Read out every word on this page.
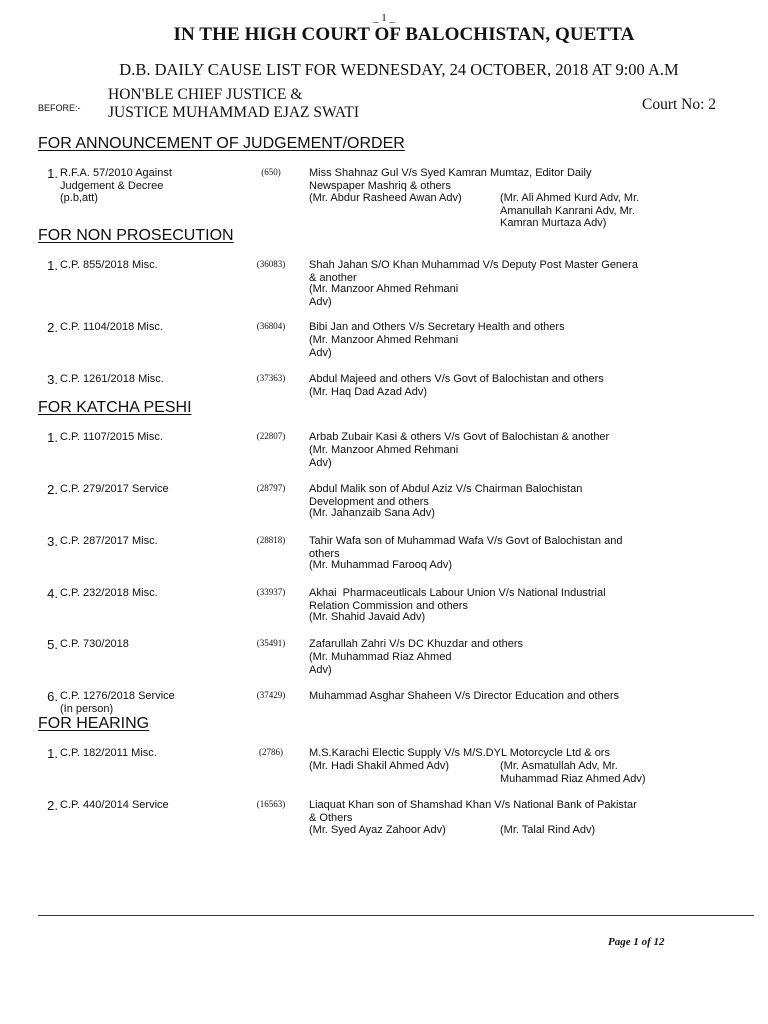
_ 1 _
IN THE HIGH COURT OF BALOCHISTAN, QUETTA
D.B. DAILY CAUSE LIST FOR WEDNESDAY, 24 OCTOBER, 2018 AT 9:00 A.M
BEFORE:-
HON'BLE CHIEF JUSTICE &
JUSTICE MUHAMMAD EJAZ SWATI	Court No: 2
FOR ANNOUNCEMENT OF JUDGEMENT/ORDER
1. R.F.A. 57/2010 Against
Judgement & Decree
(p.b,att)
(650)	Miss Shahnaz Gul V/s Syed Kamran Mumtaz, Editor Daily
Newspaper Mashriq & others
(Mr. Abdur Rasheed Awan Adv)	(Mr. Ali Ahmed Kurd Adv, Mr.
Amanullah Kanrani Adv, Mr.
Kamran Murtaza Adv)
FOR NON PROSECUTION
1. C.P. 855/2018 Misc.	(36083)	Shah Jahan S/O Khan Muhammad V/s Deputy Post Master Genera
& another
(Mr. Manzoor Ahmed Rehmani
Adv)
2. C.P. 1104/2018 Misc.	(36804)	Bibi Jan and Others V/s Secretary Health and others
(Mr. Manzoor Ahmed Rehmani
Adv)
3. C.P. 1261/2018 Misc.	(37363)	Abdul Majeed and others V/s Govt of Balochistan and others
(Mr. Haq Dad Azad Adv)
FOR KATCHA PESHI
1. C.P. 1107/2015 Misc.	(22807)	Arbab Zubair Kasi & others V/s Govt of Balochistan & another
(Mr. Manzoor Ahmed Rehmani
Adv)
2. C.P. 279/2017 Service	(28797)	Abdul Malik son of Abdul Aziz V/s Chairman Balochistan
Development and others
(Mr. Jahanzaib Sana Adv)
3. C.P. 287/2017 Misc.	(28818)	Tahir Wafa son of Muhammad Wafa V/s Govt of Balochistan and
others
(Mr. Muhammad Farooq Adv)
4. C.P. 232/2018 Misc.	(33937)	Akhai  Pharmaceutlicals Labour Union V/s National Industrial
Relation Commission and others
(Mr. Shahid Javaid Adv)
5. C.P. 730/2018	(35491)	Zafarullah Zahri V/s DC Khuzdar and others
(Mr. Muhammad Riaz Ahmed
Adv)
6. C.P. 1276/2018 Service
(In person)
(37429)	Muhammad Asghar Shaheen V/s Director Education and others
FOR HEARING
1. C.P. 182/2011 Misc.	(2786)	M.S.Karachi Electic Supply V/s M/S.DYL Motorcycle Ltd & ors
(Mr. Hadi Shakil Ahmed Adv)	(Mr. Asmatullah Adv, Mr.
Muhammad Riaz Ahmed Adv)
2. C.P. 440/2014 Service	(16563)	Liaquat Khan son of Shamshad Khan V/s National Bank of Pakistar
& Others
(Mr. Syed Ayaz Zahoor Adv)	(Mr. Talal Rind Adv)
Page 1 of 12
